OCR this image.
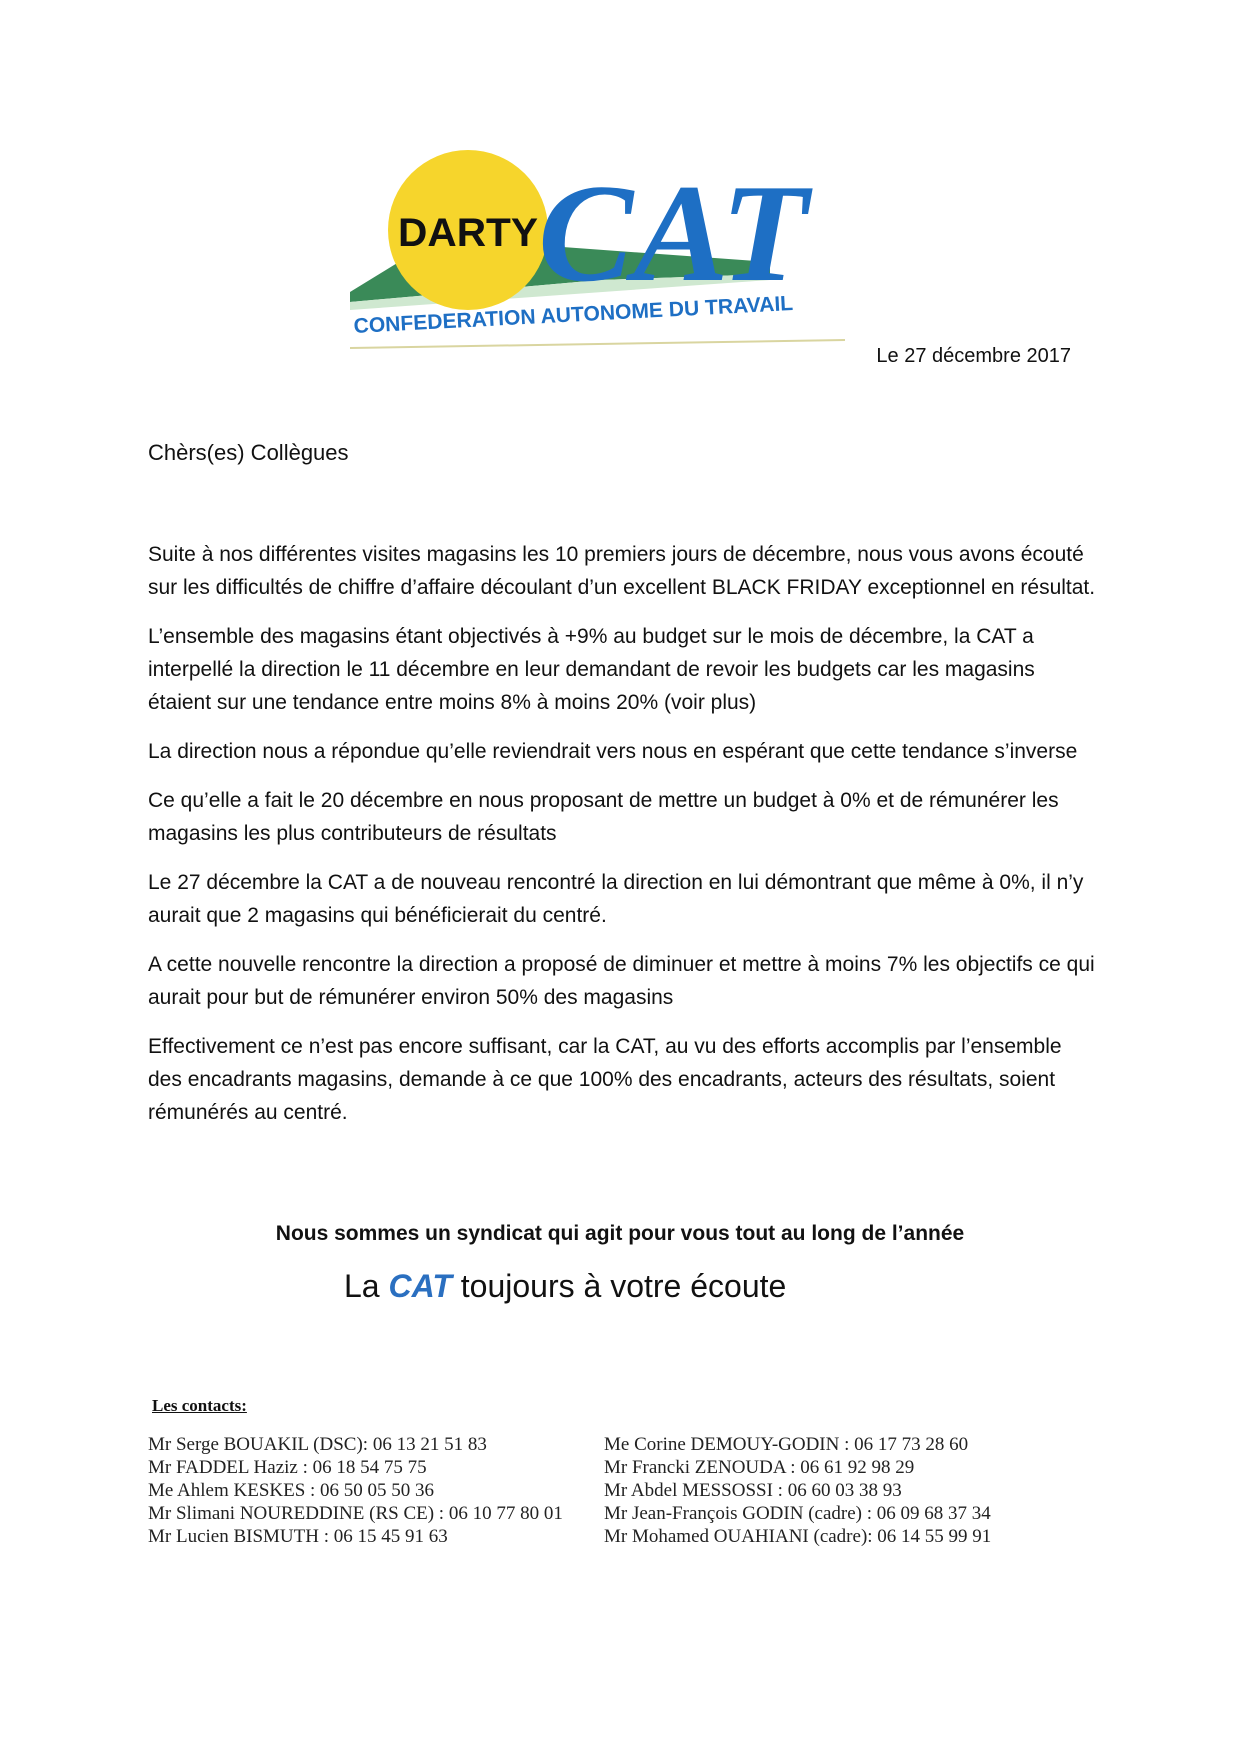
DARTY CAT
CONFEDERATION AUTONOME DU TRAVAIL
Le 27 décembre 2017
Chèrs(es) Collègues

Suite à nos différentes visites magasins les 10 premiers jours de décembre, nous vous avons écouté sur les difficultés de chiffre d’affaire découlant d’un excellent BLACK FRIDAY exceptionnel en résultat.

L’ensemble des magasins étant objectivés à +9% au budget sur le mois de décembre, la CAT a interpellé la direction le 11 décembre en leur demandant de revoir les budgets car les magasins étaient sur une tendance entre moins 8% à moins 20% (voir plus)

La direction nous a répondue qu’elle reviendrait vers nous en espérant que cette tendance s’inverse

Ce qu’elle a fait le 20 décembre en nous proposant de mettre un budget à 0% et de rémunérer les magasins les plus contributeurs de résultats

Le 27 décembre la CAT a de nouveau rencontré la direction en lui démontrant que même à 0%, il n’y aurait que 2 magasins qui bénéficierait du centré.

A cette nouvelle rencontre la direction a proposé de diminuer et mettre à moins 7% les objectifs ce qui aurait pour but de rémunérer environ 50% des magasins

Effectivement ce n’est pas encore suffisant, car la CAT, au vu des efforts accomplis par l’ensemble des encadrants magasins, demande à ce que 100% des encadrants, acteurs des résultats, soient rémunérés au centré.

Nous sommes un syndicat qui agit pour vous tout au long de l’année
La CAT toujours à votre écoute
Les contacts:
Mr Serge BOUAKIL (DSC): 06 13 21 51 83
Mr FADDEL Haziz : 06 18 54 75 75
Me Ahlem KESKES : 06 50 05 50 36
Mr Slimani NOUREDDINE (RS CE) : 06 10 77 80 01
Mr Lucien BISMUTH : 06 15 45 91 63
Me Corine DEMOUY-GODIN : 06 17 73 28 60
Mr Francki ZENOUDA : 06 61 92 98 29
Mr Abdel MESSOSSI : 06 60 03 38 93
Mr Jean-François GODIN (cadre) : 06 09 68 37 34
Mr Mohamed OUAHIANI (cadre): 06 14 55 99 91
